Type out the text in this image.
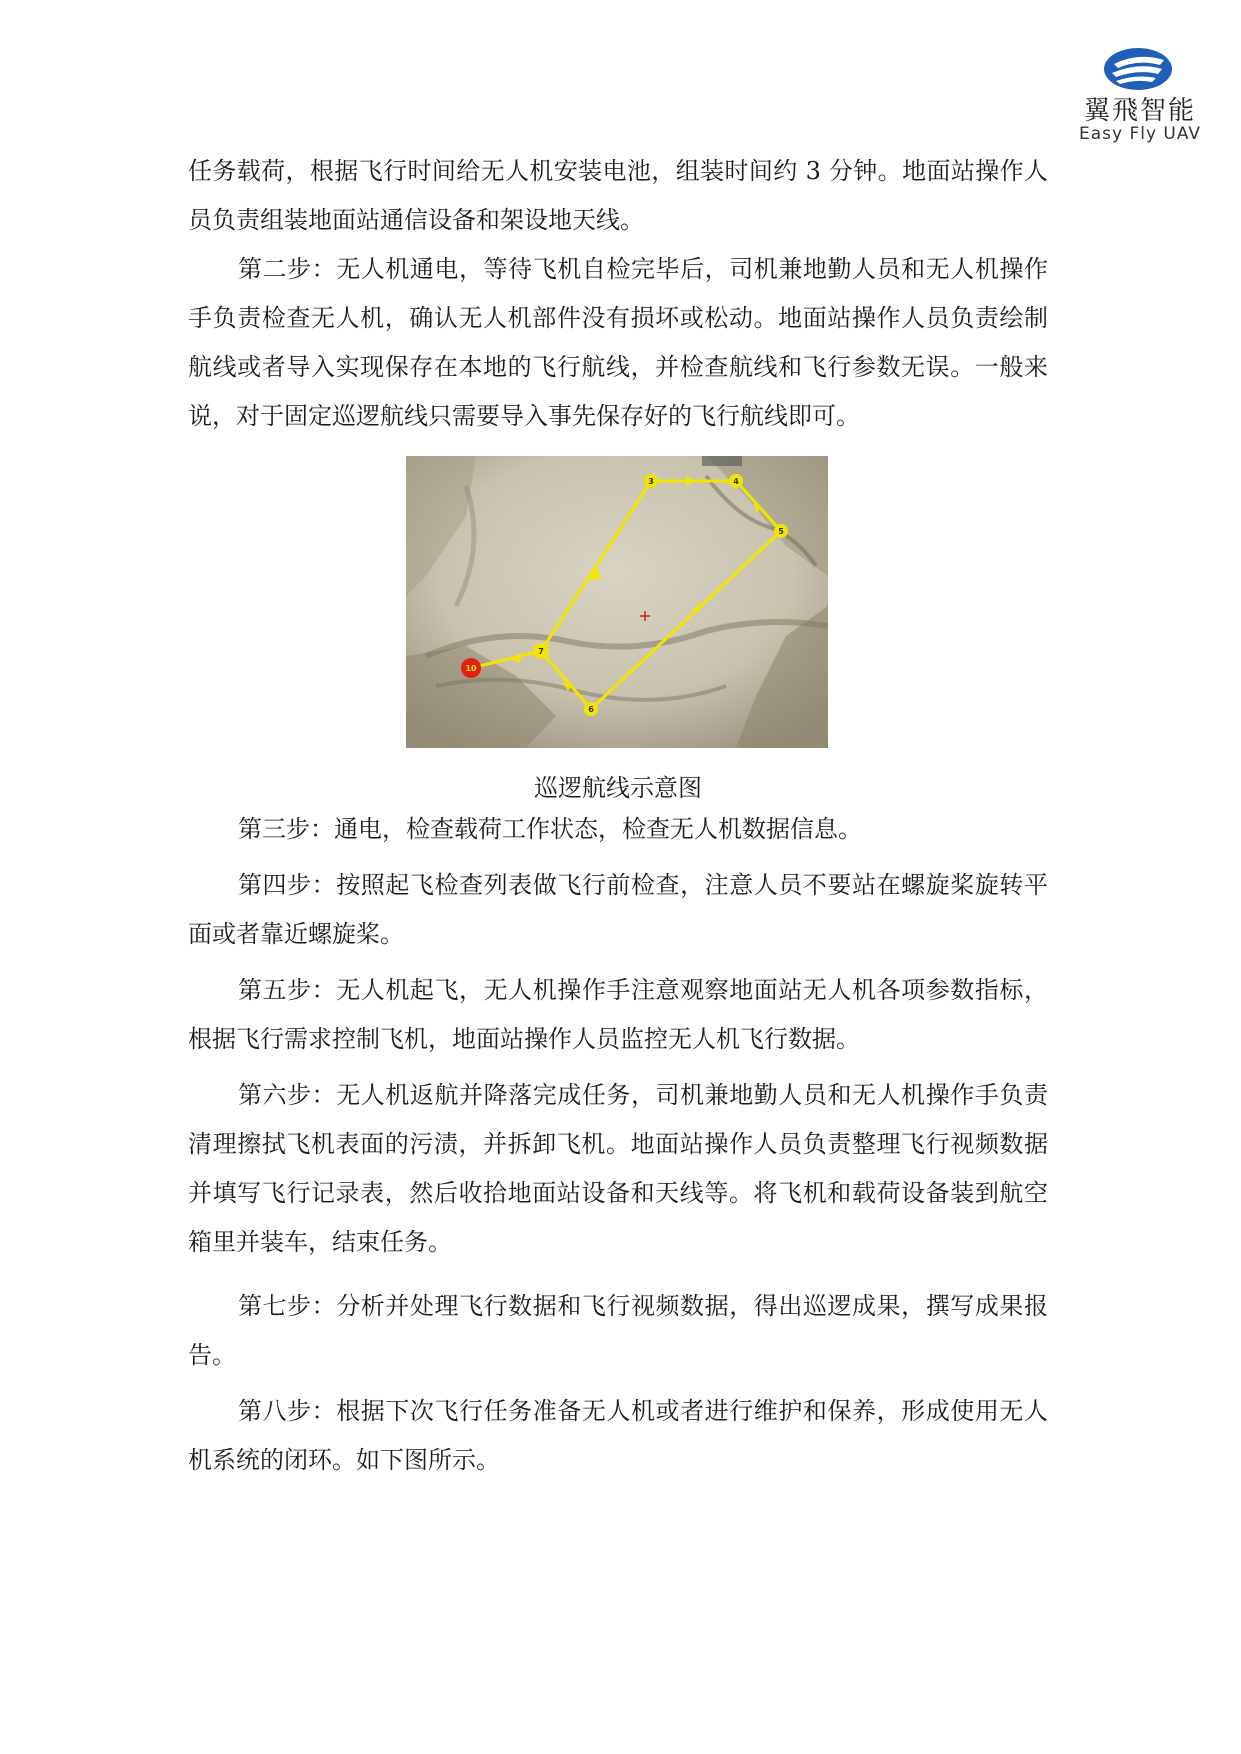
翼飛智能
Easy Fly UAV
任务载荷，根据飞行时间给无人机安装电池，组装时间约 3 分钟。地面站操作人
员负责组装地面站通信设备和架设地天线。
第二步：无人机通电，等待飞机自检完毕后，司机兼地勤人员和无人机操作
手负责检查无人机，确认无人机部件没有损坏或松动。地面站操作人员负责绘制
航线或者导入实现保存在本地的飞行航线，并检查航线和飞行参数无误。一般来
说，对于固定巡逻航线只需要导入事先保存好的飞行航线即可。
3	4
5
6
7
10
巡逻航线示意图
第三步：通电，检查载荷工作状态，检查无人机数据信息。
第四步：按照起飞检查列表做飞行前检查，注意人员不要站在螺旋桨旋转平
面或者靠近螺旋桨。
第五步：无人机起飞，无人机操作手注意观察地面站无人机各项参数指标，
根据飞行需求控制飞机，地面站操作人员监控无人机飞行数据。
第六步：无人机返航并降落完成任务，司机兼地勤人员和无人机操作手负责
清理擦拭飞机表面的污渍，并拆卸飞机。地面站操作人员负责整理飞行视频数据
并填写飞行记录表，然后收拾地面站设备和天线等。将飞机和载荷设备装到航空
箱里并装车，结束任务。
第七步：分析并处理飞行数据和飞行视频数据，得出巡逻成果，撰写成果报
告。
第八步：根据下次飞行任务准备无人机或者进行维护和保养，形成使用无人
机系统的闭环。如下图所示。
